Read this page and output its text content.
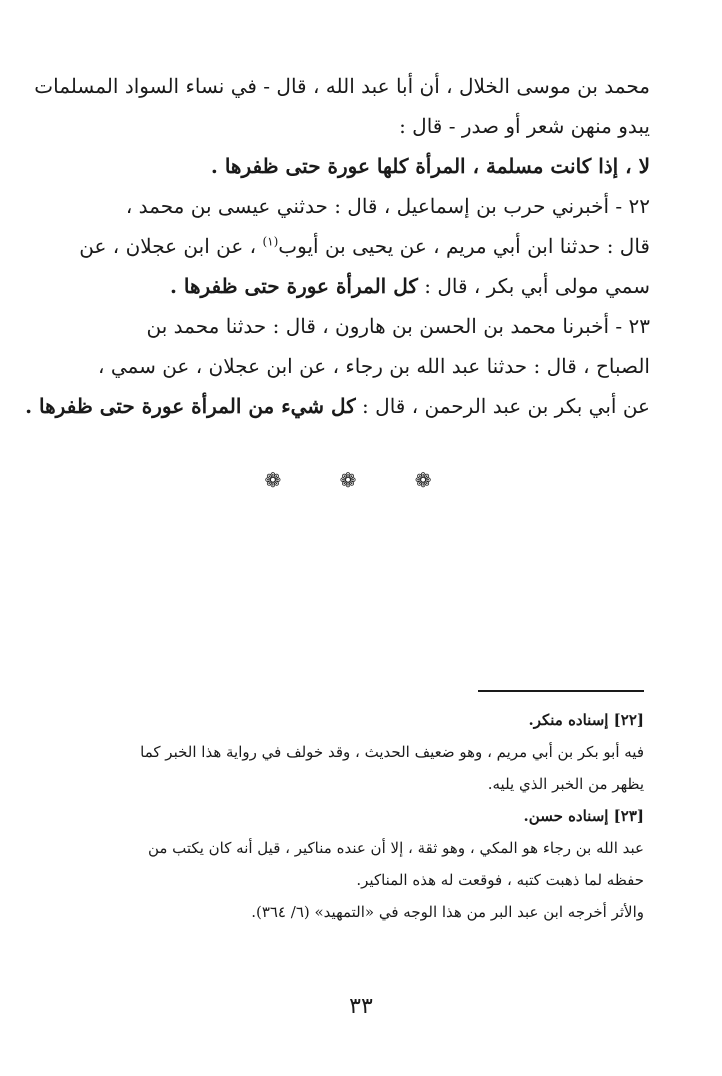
محمد بن موسى الخلال ، أن أبا عبد الله ، قال - في نساء السواد المسلمات
يبدو منهن شعر أو صدر - قال :
لا ، إذا كانت مسلمة ، المرأة كلها عورة حتى ظفرها .
٢٢ - أخبرني حرب بن إسماعيل ، قال : حدثني عيسى بن محمد ،
قال : حدثنا ابن أبي مريم ، عن يحيى بن أيوب$^{(١)}$ ، عن ابن عجلان ، عن
سمي مولى أبي بكر ، قال : كل المرأة عورة حتى ظفرها .
٢٣ - أخبرنا محمد بن الحسن بن هارون ، قال : حدثنا محمد بن
الصباح ، قال : حدثنا عبد الله بن رجاء ، عن ابن عجلان ، عن سمي ،
عن أبي بكر بن عبد الرحمن ، قال : كل شيء من المرأة عورة حتى ظفرها .
❁ ❁ ❁
[٢٢] إسناده منكر.
فيه أبو بكر بن أبي مريم ، وهو ضعيف الحديث ، وقد خولف في رواية هذا الخبر كما
يظهر من الخبر الذي يليه.
[٢٣] إسناده حسن.
عبد الله بن رجاء هو المكي ، وهو ثقة ، إلا أن عنده مناكير ، قيل أنه كان يكتب من
حفظه لما ذهبت كتبه ، فوقعت له هذه المناكير.
والأثر أخرجه ابن عبد البر من هذا الوجه في «التمهيد» (٦/ ٣٦٤).
٣٣
